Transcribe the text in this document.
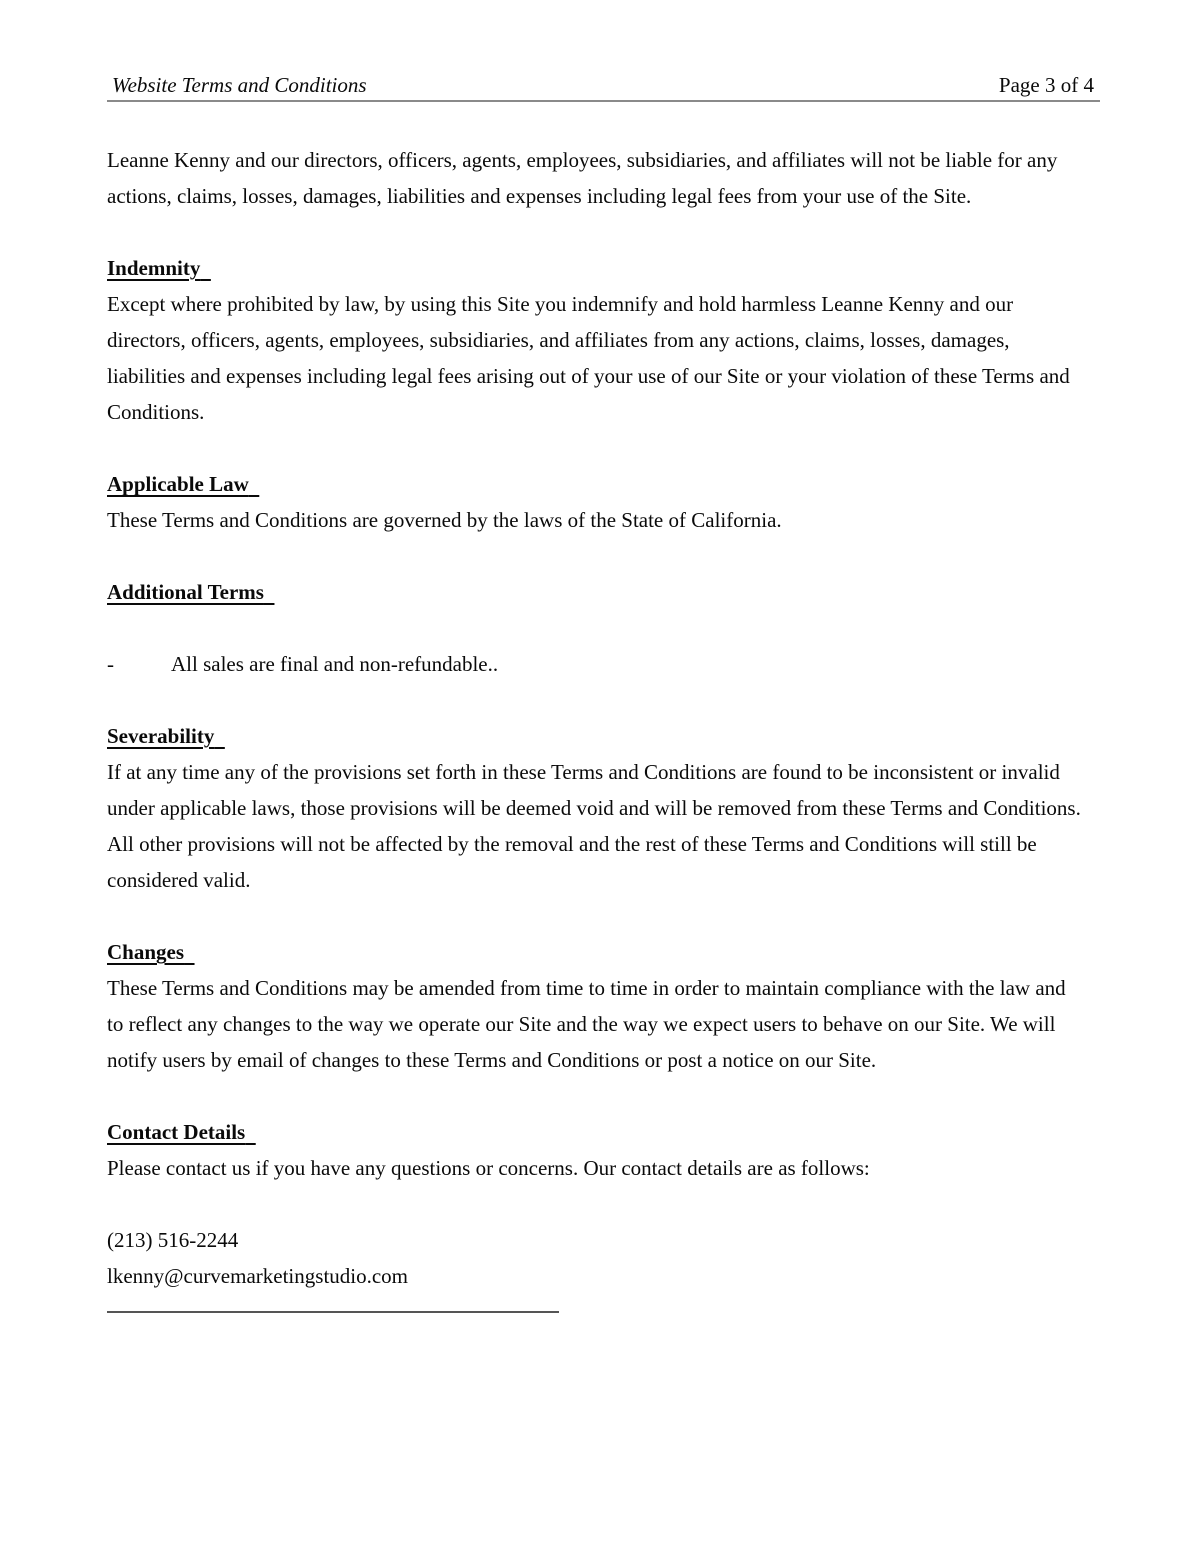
Website Terms and Conditions	Page 3 of 4
Leanne Kenny and our directors, officers, agents, employees, subsidiaries, and affiliates will not be liable for any actions, claims, losses, damages, liabilities and expenses including legal fees from your use of the Site.
Indemnity
Except where prohibited by law, by using this Site you indemnify and hold harmless Leanne Kenny and our directors, officers, agents, employees, subsidiaries, and affiliates from any actions, claims, losses, damages, liabilities and expenses including legal fees arising out of your use of our Site or your violation of these Terms and Conditions.
Applicable Law
These Terms and Conditions are governed by the laws of the State of California.
Additional Terms
-	All sales are final and non-refundable..
Severability
If at any time any of the provisions set forth in these Terms and Conditions are found to be inconsistent or invalid under applicable laws, those provisions will be deemed void and will be removed from these Terms and Conditions. All other provisions will not be affected by the removal and the rest of these Terms and Conditions will still be considered valid.
Changes
These Terms and Conditions may be amended from time to time in order to maintain compliance with the law and to reflect any changes to the way we operate our Site and the way we expect users to behave on our Site. We will notify users by email of changes to these Terms and Conditions or post a notice on our Site.
Contact Details
Please contact us if you have any questions or concerns. Our contact details are as follows:
(213) 516-2244
lkenny@curvemarketingstudio.com
